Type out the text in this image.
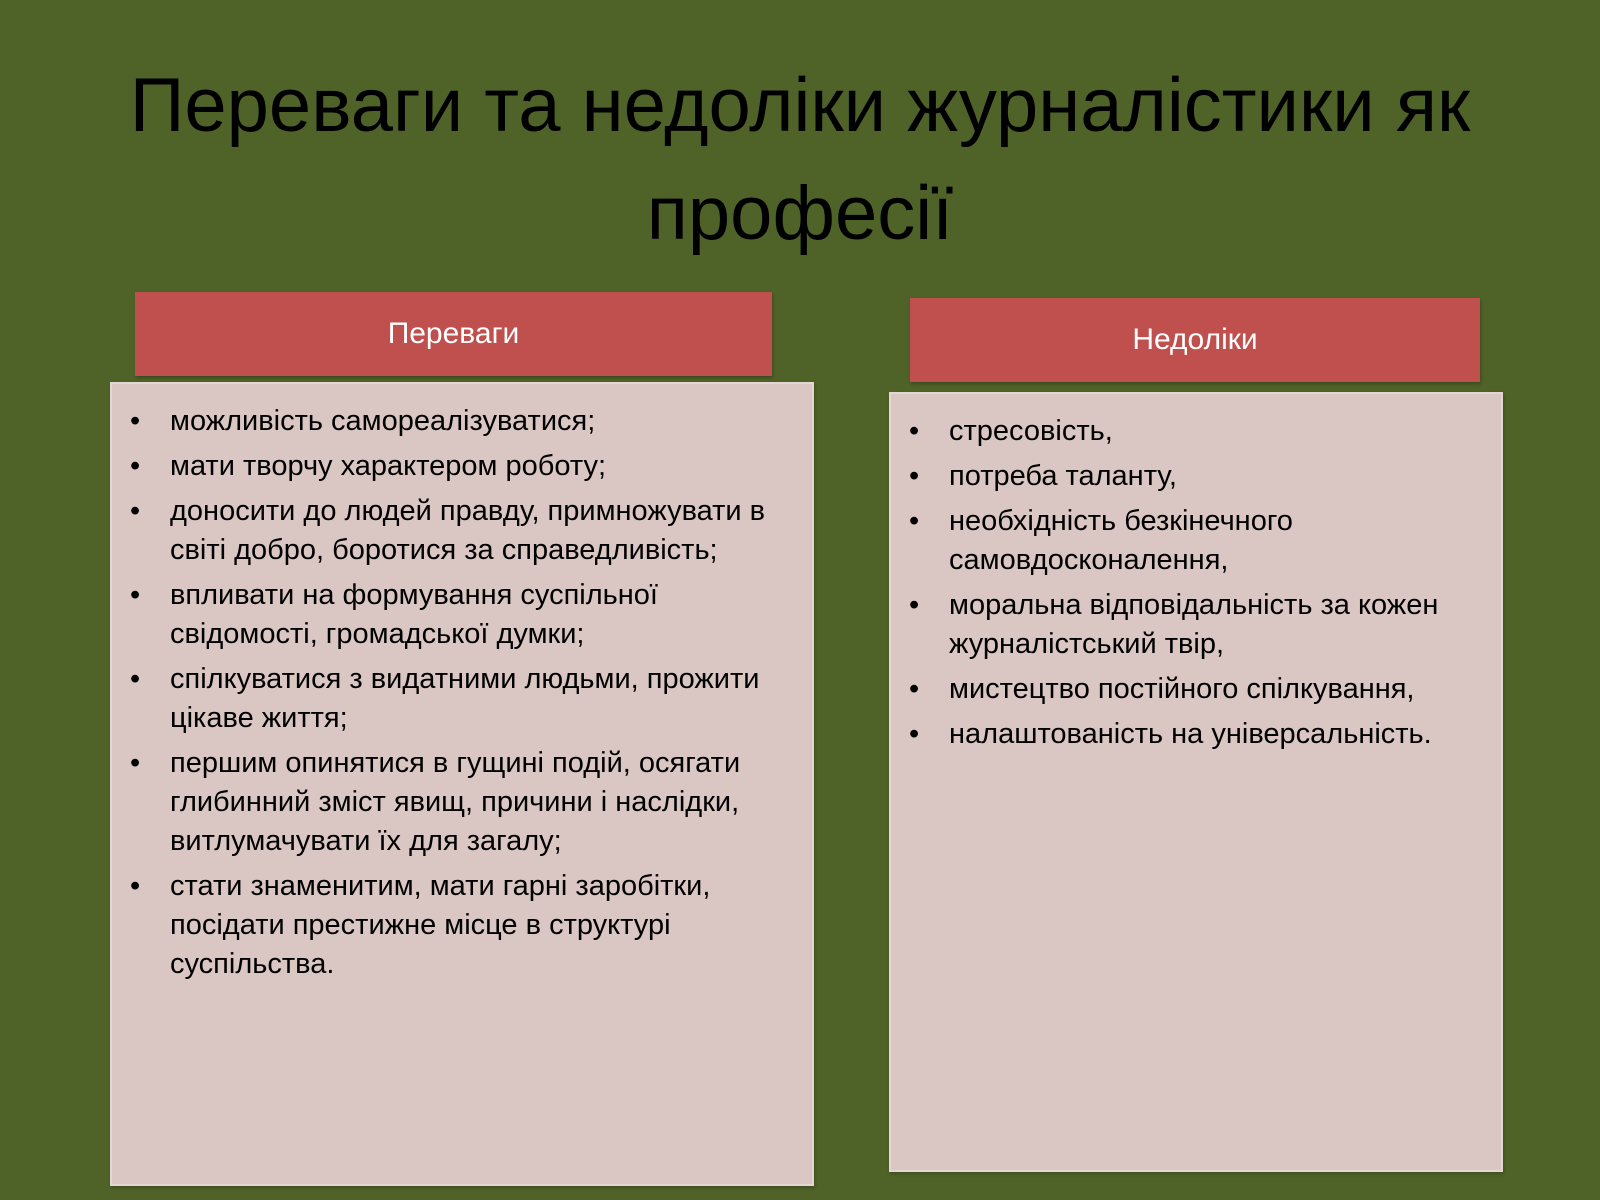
Переваги та недоліки журналістики як професії
Переваги
• можливість самореалізуватися;
• мати творчу характером роботу;
• доносити до людей правду, примножувати в світі добро, боротися за справедливість;
• впливати на формування суспільної свідомості, громадської думки;
• спілкуватися з видатними людьми, прожити цікаве життя;
• першим опинятися в гущині подій, осягати глибинний зміст явищ, причини і наслідки, витлумачувати їх для загалу;
• стати знаменитим, мати гарні заробітки, посідати престижне місце в структурі суспільства.
Недоліки
• стресовість,
• потреба таланту,
• необхідність безкінечного самовдосконалення,
• моральна відповідальність за кожен журналістський твір,
• мистецтво постійного спілкування,
• налаштованість на універсальність.
